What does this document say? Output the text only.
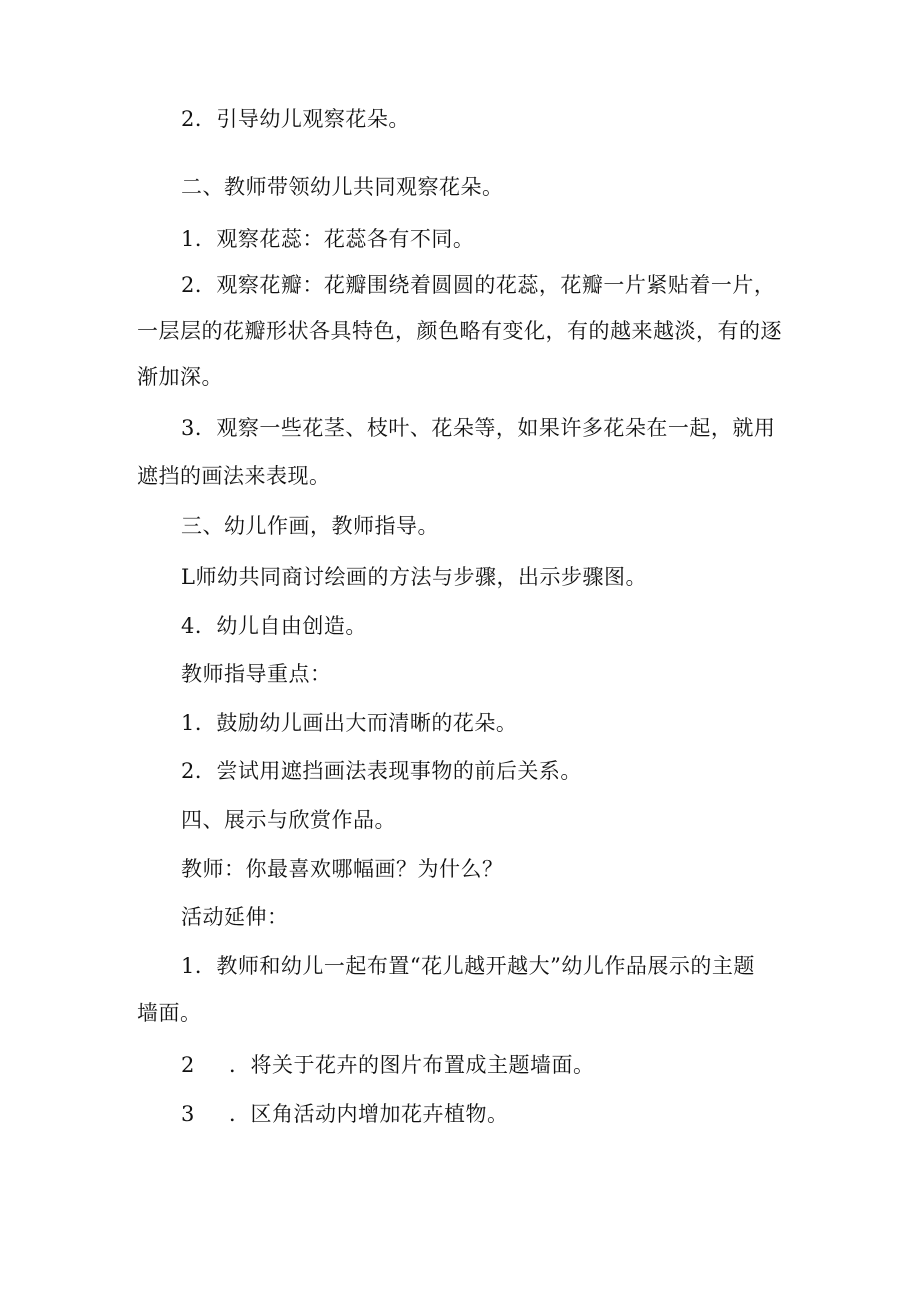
2．引导幼儿观察花朵。
二、教师带领幼儿共同观察花朵。
1．观察花蕊：花蕊各有不同。
2．观察花瓣：花瓣围绕着圆圆的花蕊，花瓣一片紧贴着一片，
一层层的花瓣形状各具特色，颜色略有变化，有的越来越淡，有的逐
渐加深。
3．观察一些花茎、枝叶、花朵等，如果许多花朵在一起，就用
遮挡的画法来表现。
三、幼儿作画，教师指导。
L师幼共同商讨绘画的方法与步骤，出示步骤图。
4．幼儿自由创造。
教师指导重点：
1．鼓励幼儿画出大而清晰的花朵。
2．尝试用遮挡画法表现事物的前后关系。
四、展示与欣赏作品。
教师：你最喜欢哪幅画？为什么？
活动延伸：
1．教师和幼儿一起布置“花儿越开越大”幼儿作品展示的主题
墙面。
2 ．将关于花卉的图片布置成主题墙面。
3 ．区角活动内增加花卉植物。
